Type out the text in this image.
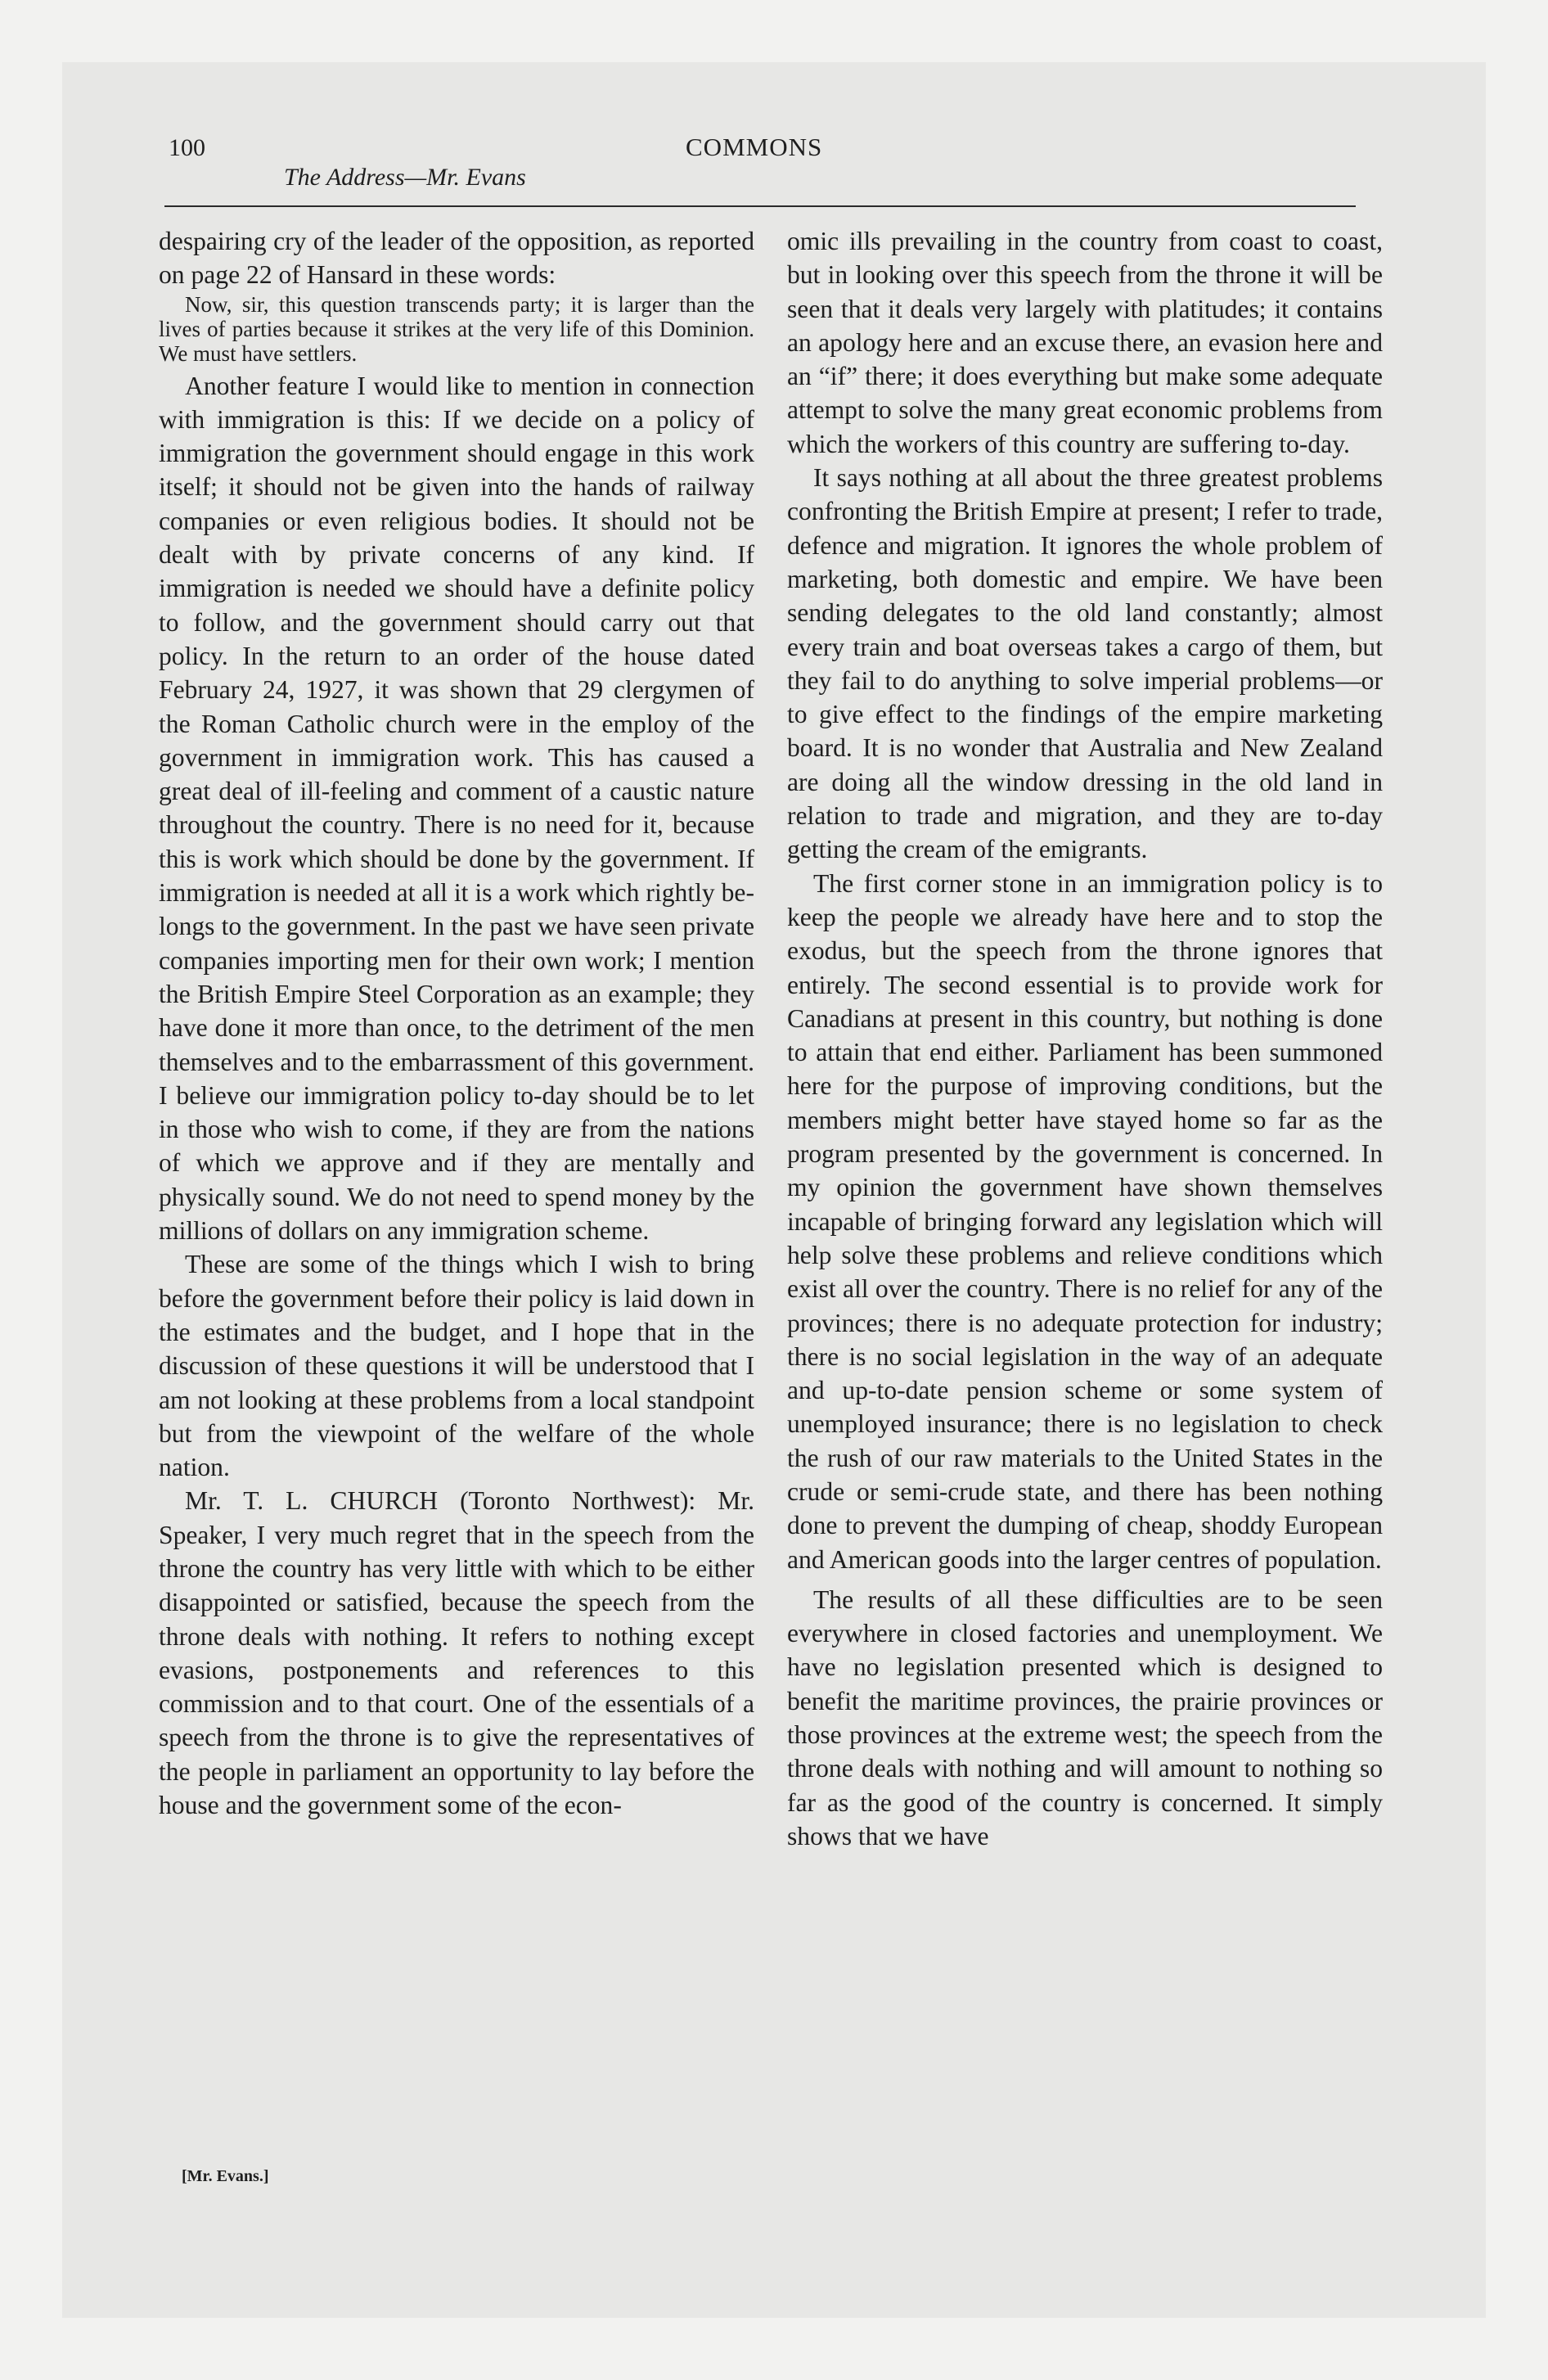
100	COMMONS
The Address—Mr. Evans

despairing cry of the leader of the opposition, as reported on page 22 of Hansard in these words:

Now, sir, this question transcends party; it is larger than the lives of parties because it strikes at the very life of this Dominion. We must have settlers.

Another feature I would like to mention in connection with immigration is this: If we decide on a policy of immigration the government should engage in this work itself; it should not be given into the hands of railway companies or even religious bodies. It should not be dealt with by private concerns of any kind. If immigration is needed we should have a definite policy to follow, and the government should carry out that policy. In the return to an order of the house dated February 24, 1927, it was shown that 29 clergymen of the Roman Catholic church were in the employ of the government in immigration work. This has caused a great deal of ill-feeling and comment of a caustic nature throughout the country. There is no need for it, because this is work which should be done by the government. If immigration is needed at all it is a work which rightly belongs to the government. In the past we have seen private companies importing men for their own work; I mention the British Empire Steel Corporation as an example; they have done it more than once, to the detriment of the men themselves and to the embarrassment of this government. I believe our immigration policy to-day should be to let in those who wish to come, if they are from the nations of which we approve and if they are mentally and physically sound. We do not need to spend money by the millions of dollars on any immigration scheme.

These are some of the things which I wish to bring before the government before their policy is laid down in the estimates and the budget, and I hope that in the discussion of these questions it will be understood that I am not looking at these problems from a local standpoint but from the viewpoint of the welfare of the whole nation.

Mr. T. L. CHURCH (Toronto Northwest): Mr. Speaker, I very much regret that in the speech from the throne the country has very little with which to be either disappointed or satisfied, because the speech from the throne deals with nothing. It refers to nothing except evasions, postponements and references to this commission and to that court. One of the essentials of a speech from the throne is to give the representatives of the people in parliament an opportunity to lay before the house and the government some of the econ-

omic ills prevailing in the country from coast to coast, but in looking over this speech from the throne it will be seen that it deals very largely with platitudes; it contains an apology here and an excuse there, an evasion here and an “if” there; it does everything but make some adequate attempt to solve the many great economic problems from which the workers of this country are suffering to-day.

It says nothing at all about the three greatest problems confronting the British Empire at present; I refer to trade, defence and migration. It ignores the whole problem of marketing, both domestic and empire. We have been sending delegates to the old land constantly; almost every train and boat overseas takes a cargo of them, but they fail to do anything to solve imperial problems—or to give effect to the findings of the empire marketing board. It is no wonder that Australia and New Zealand are doing all the window dressing in the old land in relation to trade and migration, and they are to-day getting the cream of the emigrants.

The first corner stone in an immigration policy is to keep the people we already have here and to stop the exodus, but the speech from the throne ignores that entirely. The second essential is to provide work for Canadians at present in this country, but nothing is done to attain that end either. Parliament has been summoned here for the purpose of improving conditions, but the members might better have stayed home so far as the program presented by the government is concerned. In my opinion the government have shown themselves incapable of bringing forward any legislation which will help solve these problems and relieve conditions which exist all over the country. There is no relief for any of the provinces; there is no adequate protection for industry; there is no social legislation in the way of an adequate and up-to-date pension scheme or some system of unemployed insurance; there is no legislation to check the rush of our raw materials to the United States in the crude or semi-crude state, and there has been nothing done to prevent the dumping of cheap, shoddy European and American goods into the larger centres of population.

The results of all these difficulties are to be seen everywhere in closed factories and unemployment. We have no legislation presented which is designed to benefit the maritime provinces, the prairie provinces or those provinces at the extreme west; the speech from the throne deals with nothing and will amount to nothing so far as the good of the country is concerned. It simply shows that we have

[Mr. Evans.]
